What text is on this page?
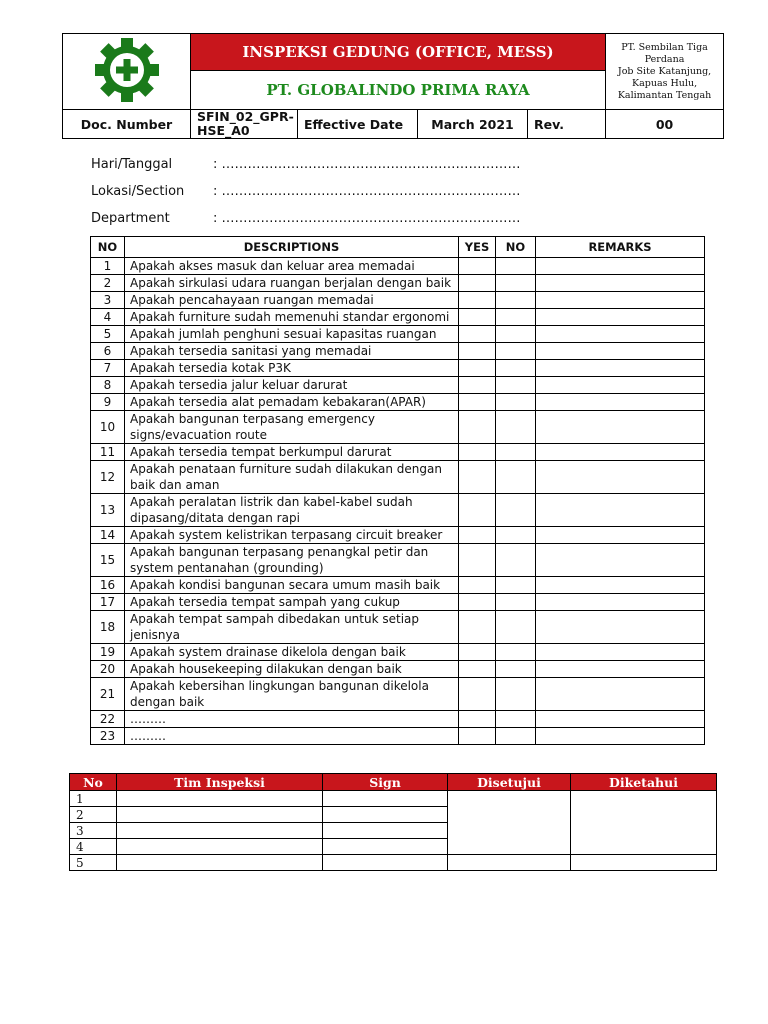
	INSPEKSI GEDUNG (OFFICE, MESS)				PT. Sembilan Tiga Perdana
Job Site Katanjung,
Kapuas Hulu,
Kalimantan Tengah

	PT. GLOBALINDO PRIMA RAYA				
Doc. Number	SFIN_02_GPR-HSE_A0	Effective Date	March 2021	Rev.	00
Hari/Tanggal	: ……………………………………………………………
Lokasi/Section : ……………………………………………………………
Department	: ……………………………………………………………
NO	DESCRIPTIONS	YES	NO	REMARKS
1	Apakah akses masuk dan keluar area memadai			
2	Apakah sirkulasi udara ruangan berjalan dengan baik			
3	Apakah pencahayaan ruangan memadai			
4	Apakah furniture sudah memenuhi standar ergonomi			
5	Apakah jumlah penghuni sesuai kapasitas ruangan			
6	Apakah tersedia sanitasi yang memadai			
7	Apakah tersedia kotak P3K			
8	Apakah tersedia jalur keluar darurat			
9	Apakah tersedia alat pemadam kebakaran(APAR)			
10	Apakah bangunan terpasang emergency signs/evacuation route			
11	Apakah tersedia tempat berkumpul darurat			
12	Apakah penataan furniture sudah dilakukan dengan baik dan aman			
13	Apakah peralatan listrik dan kabel-kabel sudah dipasang/ditata dengan rapi			
14	Apakah system kelistrikan terpasang circuit breaker			
15	Apakah bangunan terpasang penangkal petir dan system pentanahan (grounding)			
16	Apakah kondisi bangunan secara umum masih baik			
17	Apakah tersedia tempat sampah yang cukup			
18	Apakah tempat sampah dibedakan untuk setiap jenisnya			
19	Apakah system drainase dikelola dengan baik			
20	Apakah housekeeping dilakukan dengan baik			
21	Apakah kebersihan lingkungan bangunan dikelola dengan baik			
22	………			
23	………			
No	Tim Inspeksi	Sign	Disetujui	Diketahui
1				
2				
3				
4				
5				
